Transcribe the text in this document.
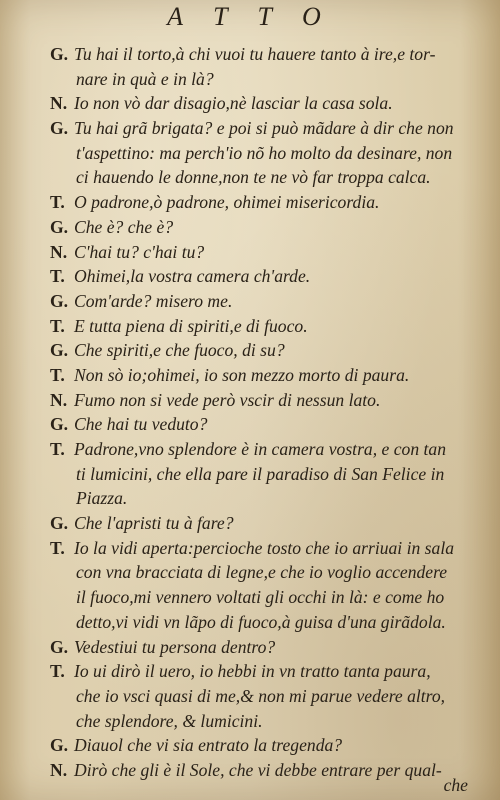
A T T O
G. Tu hai il torto,à chi vuoi tu hauere tanto à ire,e tor-
nare in quà e in là?
N. Io non vò dar disagio,nè lasciar la casa sola.
G. Tu hai grã brigata? e poi si può mãdare à dir che non
t'aspettino: ma perch'io nõ ho molto da desinare, non
ci hauendo le donne,non te ne vò far troppa calca.
T. O padrone,ò padrone, ohimei misericordia.
G. Che è? che è?
N. C'hai tu? c'hai tu?
T. Ohimei,la vostra camera ch'arde.
G. Com'arde? misero me.
T. E tutta piena di spiriti,e di fuoco.
G. Che spiriti,e che fuoco, di su?
T. Non sò io;ohimei, io son mezzo morto di paura.
N. Fumo non si vede però vscir di nessun lato.
G. Che hai tu veduto?
T. Padrone,vno splendore è in camera vostra, e con tan
ti lumicini, che ella pare il paradiso di San Felice in
Piazza.
G. Che l'apristi tu à fare?
T. Io la vidi aperta:percioche tosto che io arriuai in sala
con vna bracciata di legne,e che io voglio accendere
il fuoco,mi vennero voltati gli occhi in là: e come ho
detto,vi vidi vn lãpo di fuoco,à guisa d'una girãdola.
G. Vedestiui tu persona dentro?
T. Io ui dirò il uero, io hebbi in vn tratto tanta paura,
che io vsci quasi di me,& non mi parue vedere altro,
che splendore, & lumicini.
G. Diauol che vi sia entrato la tregenda?
N. Dirò che gli è il Sole, che vi debbe entrare per qual-
che
